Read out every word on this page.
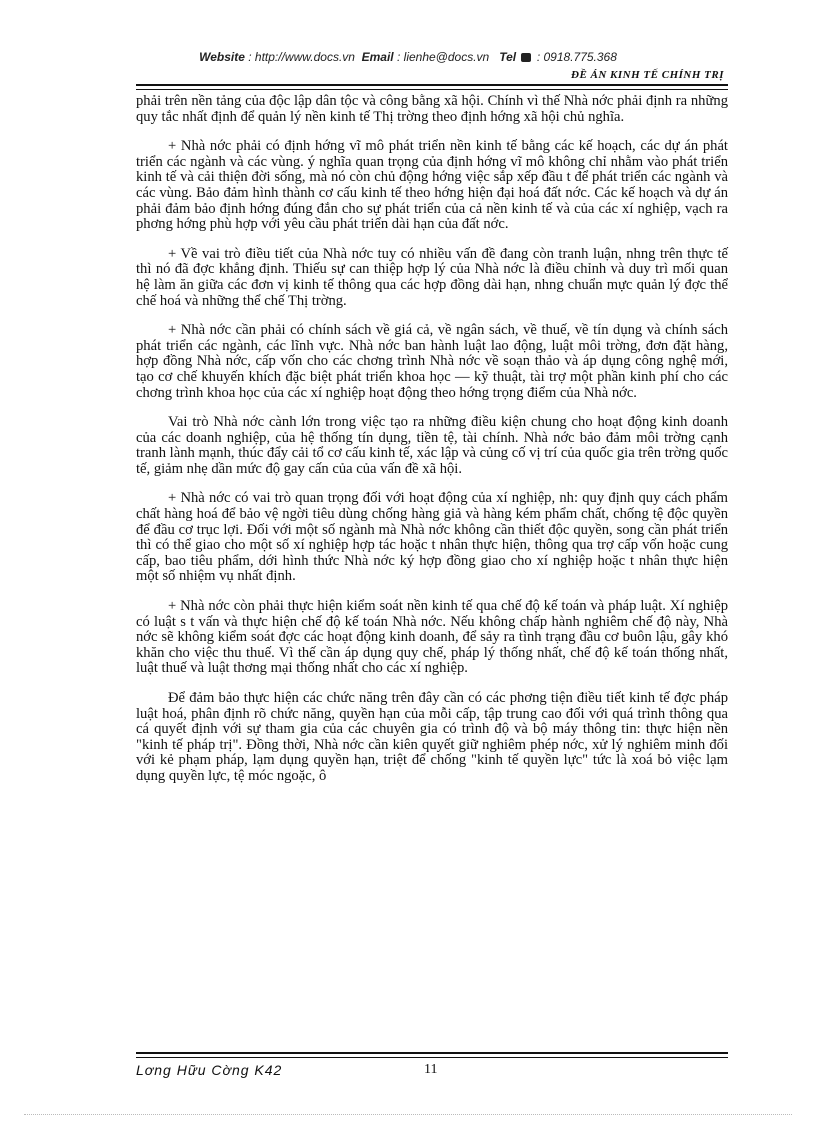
Website : http://www.docs.vn Email : lienhe@docs.vn Tel : 0918.775.368
ĐỀ ÁN KINH TẾ CHÍNH TRỊ

phải trên nền tảng của độc lập dân tộc và công bằng xã hội. Chính vì thế Nhà nớc phải định ra những quy tắc nhất định để quản lý nền kinh tế Thị trờng theo định hớng xã hội chủ nghĩa.

+ Nhà nớc phải có định hớng vĩ mô phát triển nền kinh tế bằng các kế hoạch, các dự án phát triển các ngành và các vùng. ý nghĩa quan trọng của định hớng vĩ mô không chỉ nhằm vào phát triển kinh tế và cải thiện đời sống, mà nó còn chủ động hớng việc sắp xếp đầu t để phát triển các ngành và các vùng. Bảo đảm hình thành cơ cấu kinh tế theo hớng hiện đại hoá đất nớc. Các kế hoạch và dự án phải đảm bảo định hớng đúng đắn cho sự phát triển của cả nền kinh tế và của các xí nghiệp, vạch ra phơng hớng phù hợp với yêu cầu phát triển dài hạn của đất nớc.

+ Về vai trò điều tiết của Nhà nớc tuy có nhiều vấn đề đang còn tranh luận, nhng trên thực tế thì nó đã đợc khẳng định. Thiếu sự can thiệp hợp lý của Nhà nớc là điều chỉnh và duy trì mối quan hệ làm ăn giữa các đơn vị kinh tế thông qua các hợp đồng dài hạn, nhng chuẩn mực quản lý đợc thể chế hoá và những thể chế Thị trờng.

+ Nhà nớc cần phải có chính sách về giá cả, về ngân sách, về thuế, về tín dụng và chính sách phát triển các ngành, các lĩnh vực. Nhà nớc ban hành luật lao động, luật môi trờng, đơn đặt hàng, hợp đồng Nhà nớc, cấp vốn cho các chơng trình Nhà nớc về soạn thảo và áp dụng công nghệ mới, tạo cơ chế khuyến khích đặc biệt phát triển khoa học — kỹ thuật, tài trợ một phần kinh phí cho các chơng trình khoa học của các xí nghiệp hoạt động theo hớng trọng điểm của Nhà nớc.

Vai trò Nhà nớc cành lớn trong việc tạo ra những điều kiện chung cho hoạt động kinh doanh của các doanh nghiệp, của hệ thống tín dụng, tiền tệ, tài chính. Nhà nớc bảo đảm môi trờng cạnh tranh lành mạnh, thúc đẩy cải tổ cơ cấu kinh tế, xác lập và củng cố vị trí của quốc gia trên trờng quốc tế, giảm nhẹ dần mức độ gay cấn của của vấn đề xã hội.

+ Nhà nớc có vai trò quan trọng đối với hoạt động của xí nghiệp, nh: quy định quy cách phẩm chất hàng hoá để bảo vệ ngời tiêu dùng chống hàng giả và hàng kém phẩm chất, chống tệ độc quyền để đầu cơ trục lợi. Đối với một số ngành mà Nhà nớc không cần thiết độc quyền, song cần phát triển thì có thể giao cho một số xí nghiệp hợp tác hoặc t nhân thực hiện, thông qua trợ cấp vốn hoặc cung cấp, bao tiêu phẩm, dới hình thức Nhà nớc ký hợp đồng giao cho xí nghiệp hoặc t nhân thực hiện một số nhiệm vụ nhất định.

+ Nhà nớc còn phải thực hiện kiểm soát nền kinh tế qua chế độ kế toán và pháp luật. Xí nghiệp có luật s t vấn và thực hiện chế độ kế toán Nhà nớc. Nếu không chấp hành nghiêm chế độ này, Nhà nớc sẽ không kiểm soát đợc các hoạt động kinh doanh, để sảy ra tình trạng đầu cơ buôn lậu, gây khó khăn cho việc thu thuế. Vì thế cần áp dụng quy chế, pháp lý thống nhất, chế độ kế toán thống nhất, luật thuế và luật thơng mại thống nhất cho các xí nghiệp.

Để đảm bảo thực hiện các chức năng trên đây cần có các phơng tiện điều tiết kinh tế đợc pháp luật hoá, phân định rõ chức năng, quyền hạn của mỗi cấp, tập trung cao đối với quá trình thông qua cá quyết định với sự tham gia của các chuyên gia có trình độ và bộ máy thông tin: thực hiện nền "kinh tế pháp trị". Đồng thời, Nhà nớc cần kiên quyết giữ nghiêm phép nớc, xử lý nghiêm minh đối với kẻ phạm pháp, lạm dụng quyền hạn, triệt để chống "kinh tế quyền lực" tức là xoá bỏ việc lạm dụng quyền lực, tệ móc ngoặc, ô

Lơng Hữu Cờng K42	11
